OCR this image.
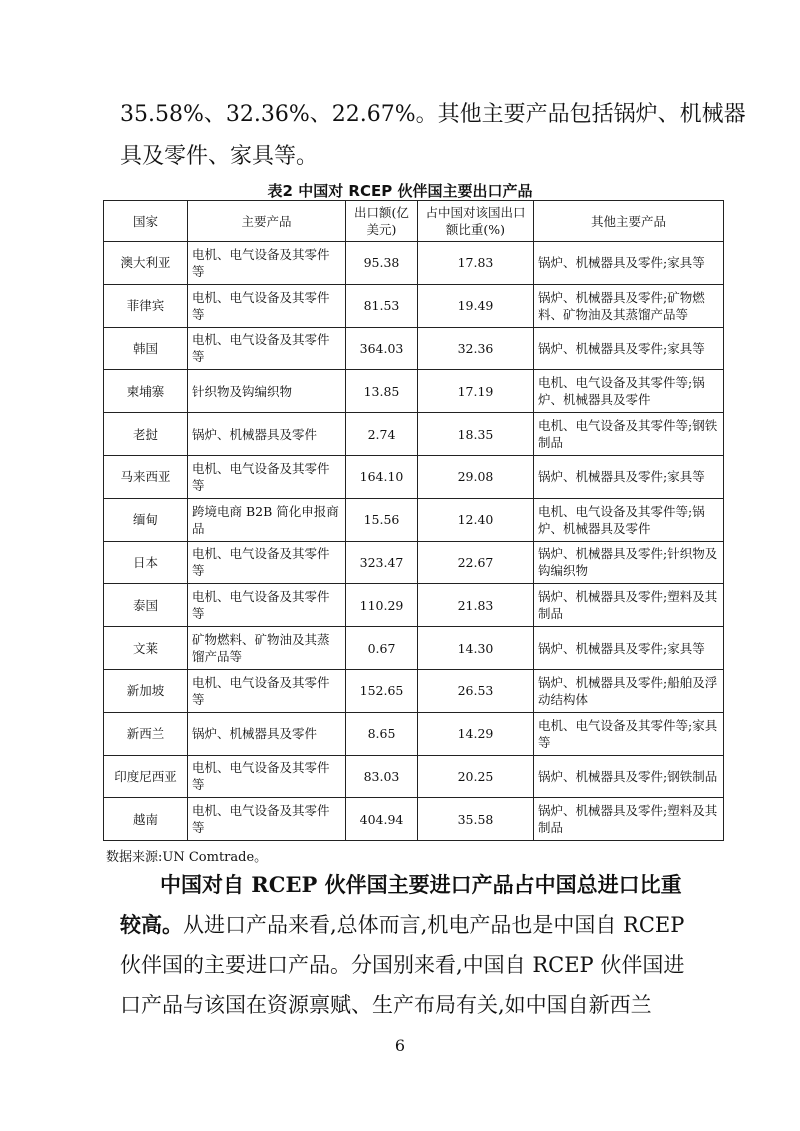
35.58%、32.36%、22.67%。其他主要产品包括锅炉、机械器
具及零件、家具等。
表2 中国对 RCEP 伙伴国主要出口产品
国家	主要产品	出口额(亿美元)	占中国对该国出口额比重(%)	其他主要产品
澳大利亚	电机、电气设备及其零件等	95.38	17.83	锅炉、机械器具及零件;家具等
菲律宾	电机、电气设备及其零件等	81.53	19.49	锅炉、机械器具及零件;矿物燃料、矿物油及其蒸馏产品等
韩国	电机、电气设备及其零件等	364.03	32.36	锅炉、机械器具及零件;家具等
柬埔寨	针织物及钩编织物	13.85	17.19	电机、电气设备及其零件等;锅炉、机械器具及零件
老挝	锅炉、机械器具及零件	2.74	18.35	电机、电气设备及其零件等;钢铁制品
马来西亚	电机、电气设备及其零件等	164.10	29.08	锅炉、机械器具及零件;家具等
缅甸	跨境电商 B2B 简化申报商品	15.56	12.40	电机、电气设备及其零件等;锅炉、机械器具及零件
日本	电机、电气设备及其零件等	323.47	22.67	锅炉、机械器具及零件;针织物及钩编织物
泰国	电机、电气设备及其零件等	110.29	21.83	锅炉、机械器具及零件;塑料及其制品
文莱	矿物燃料、矿物油及其蒸馏产品等	0.67	14.30	锅炉、机械器具及零件;家具等
新加坡	电机、电气设备及其零件等	152.65	26.53	锅炉、机械器具及零件;船舶及浮动结构体
新西兰	锅炉、机械器具及零件	8.65	14.29	电机、电气设备及其零件等;家具等
印度尼西亚	电机、电气设备及其零件等	83.03	20.25	锅炉、机械器具及零件;钢铁制品
越南	电机、电气设备及其零件等	404.94	35.58	锅炉、机械器具及零件;塑料及其制品
数据来源:UN Comtrade。
中国对自 RCEP 伙伴国主要进口产品占中国总进口比重
较高。从进口产品来看,总体而言,机电产品也是中国自 RCEP
伙伴国的主要进口产品。分国别来看,中国自 RCEP 伙伴国进
口产品与该国在资源禀赋、生产布局有关,如中国自新西兰
6
